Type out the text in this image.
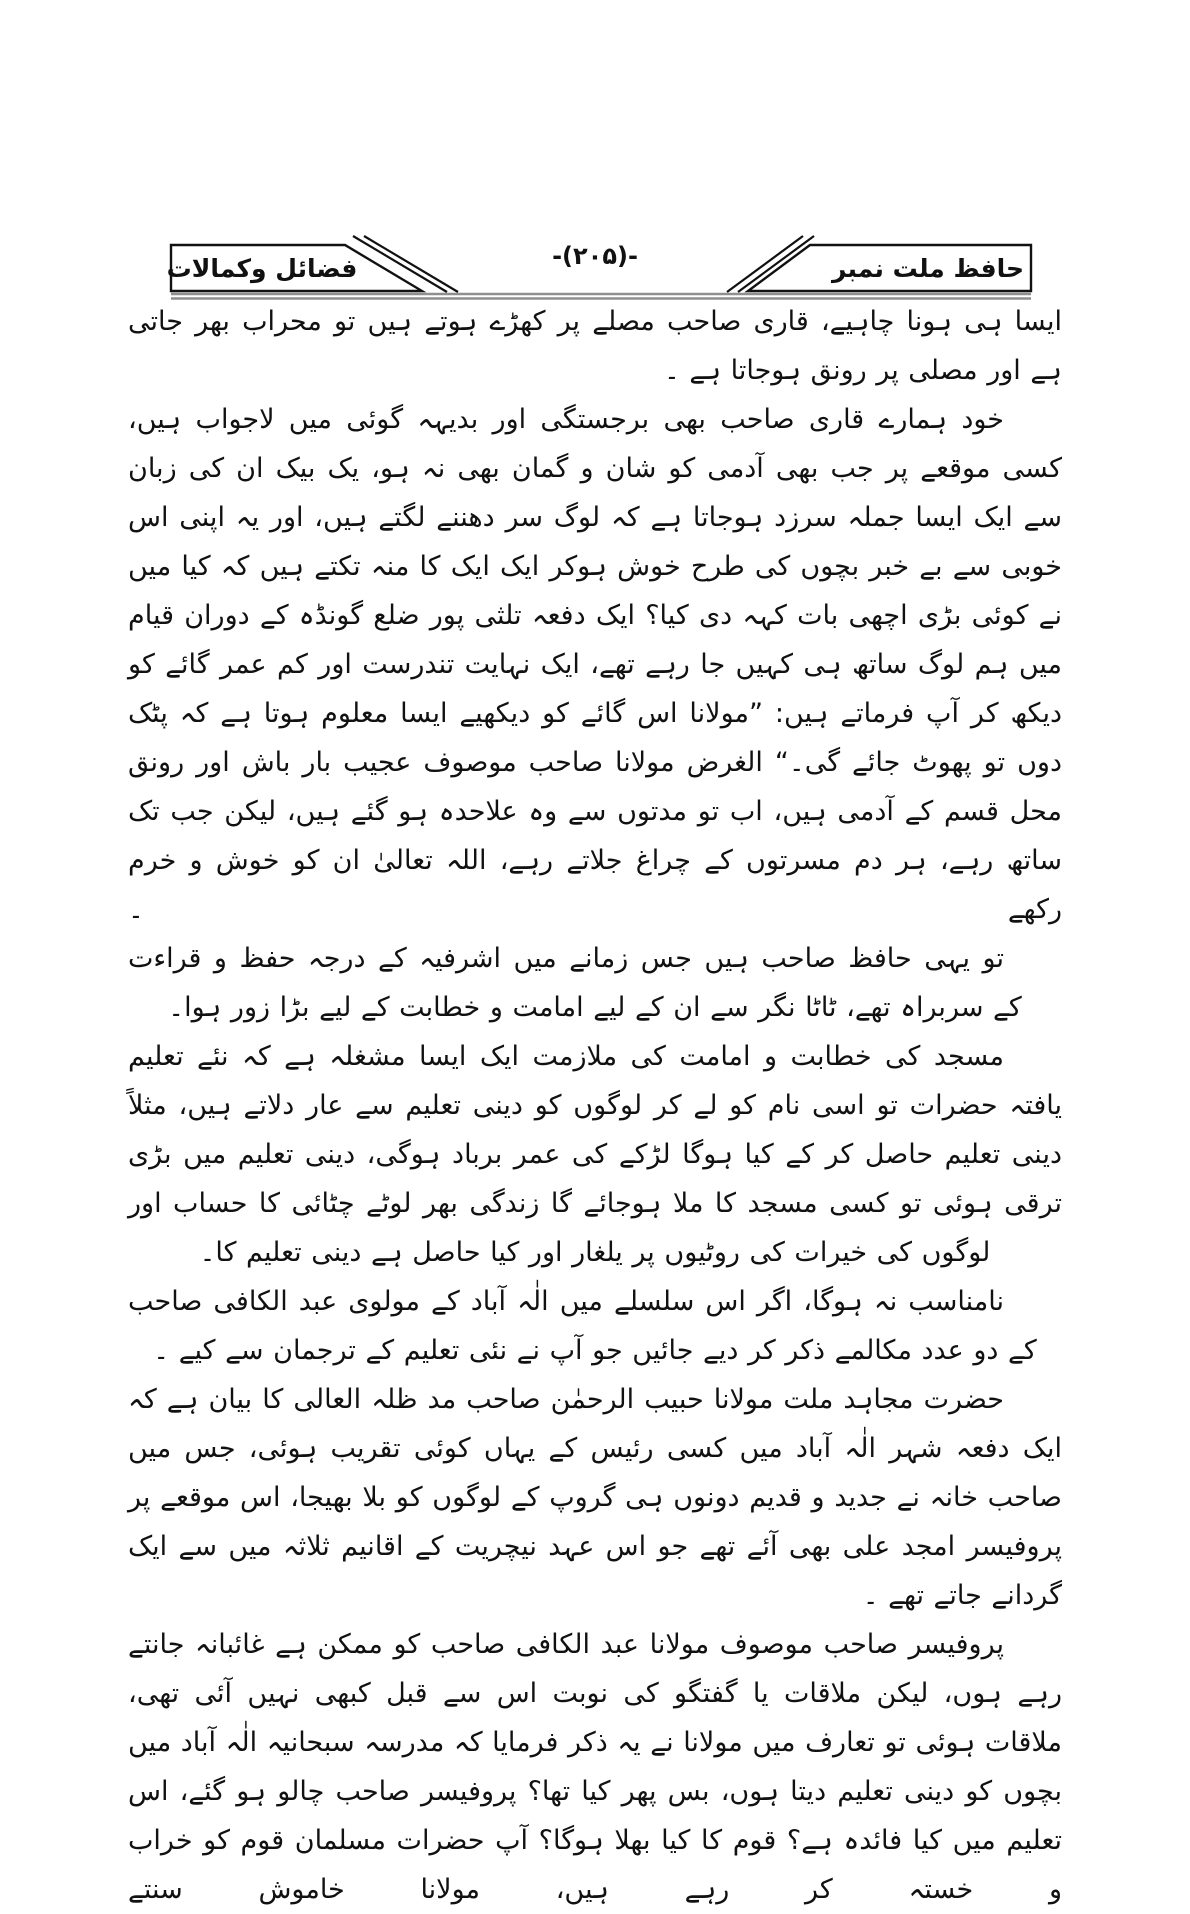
فضائل وکمالات	-(۲۰۵)-	حافظ ملت نمبر

ایسا ہی ہونا چاہیے، قاری صاحب مصلے پر کھڑے ہوتے ہیں تو محراب بھر جاتی ہے اور مصلی پر رونق ہوجاتا ہے ۔

خود ہمارے قاری صاحب بھی برجستگی اور بدیہہ گوئی میں لاجواب ہیں، کسی موقعے پر جب بھی آدمی کو شان و گمان بھی نہ ہو، یک بیک ان کی زبان سے ایک ایسا جملہ سرزد ہوجاتا ہے کہ لوگ سر دھننے لگتے ہیں، اور یہ اپنی اس خوبی سے بے خبر بچوں کی طرح خوش ہوکر ایک ایک کا منہ تکتے ہیں کہ کیا میں نے کوئی بڑی اچھی بات کہہ دی کیا؟ ایک دفعہ تلثی پور ضلع گونڈہ کے دوران قیام میں ہم لوگ ساتھ ہی کہیں جا رہے تھے، ایک نہایت تندرست اور کم عمر گائے کو دیکھ کر آپ فرماتے ہیں: ”مولانا اس گائے کو دیکھیے ایسا معلوم ہوتا ہے کہ پٹک دوں تو پھوٹ جائے گی۔“ الغرض مولانا صاحب موصوف عجیب بار باش اور رونق محل قسم کے آدمی ہیں، اب تو مدتوں سے وہ علاحدہ ہو گئے ہیں، لیکن جب تک ساتھ رہے، ہر دم مسرتوں کے چراغ جلاتے رہے، اللہ تعالیٰ ان کو خوش و خرم رکھے ۔

تو یہی حافظ صاحب ہیں جس زمانے میں اشرفیہ کے درجہ حفظ و قراءت کے سربراہ تھے، ٹاٹا نگر سے ان کے لیے امامت و خطابت کے لیے بڑا زور ہوا۔

مسجد کی خطابت و امامت کی ملازمت ایک ایسا مشغلہ ہے کہ نئے تعلیم یافتہ حضرات تو اسی نام کو لے کر لوگوں کو دینی تعلیم سے عار دلاتے ہیں، مثلاً دینی تعلیم حاصل کر کے کیا ہوگا لڑکے کی عمر برباد ہوگی، دینی تعلیم میں بڑی ترقی ہوئی تو کسی مسجد کا ملا ہوجائے گا زندگی بھر لوٹے چٹائی کا حساب اور لوگوں کی خیرات کی روٹیوں پر یلغار اور کیا حاصل ہے دینی تعلیم کا۔

نامناسب نہ ہوگا، اگر اس سلسلے میں الٰہ آباد کے مولوی عبد الکافی صاحب کے دو عدد مکالمے ذکر کر دیے جائیں جو آپ نے نئی تعلیم کے ترجمان سے کیے ۔

حضرت مجاہد ملت مولانا حبیب الرحمٰن صاحب مد ظلہ العالی کا بیان ہے کہ ایک دفعہ شہر الٰہ آباد میں کسی رئیس کے یہاں کوئی تقریب ہوئی، جس میں صاحب خانہ نے جدید و قدیم دونوں ہی گروپ کے لوگوں کو بلا بھیجا، اس موقعے پر پروفیسر امجد علی بھی آئے تھے جو اس عہد نیچریت کے اقانیم ثلاثہ میں سے ایک گردانے جاتے تھے ۔

پروفیسر صاحب موصوف مولانا عبد الکافی صاحب کو ممکن ہے غائبانہ جانتے رہے ہوں، لیکن ملاقات یا گفتگو کی نوبت اس سے قبل کبھی نہیں آئی تھی، ملاقات ہوئی تو تعارف میں مولانا نے یہ ذکر فرمایا کہ مدرسہ سبحانیہ الٰہ آباد میں بچوں کو دینی تعلیم دیتا ہوں، بس پھر کیا تھا؟ پروفیسر صاحب چالو ہو گئے، اس تعلیم میں کیا فائدہ ہے؟ قوم کا کیا بھلا ہوگا؟ آپ حضرات مسلمان قوم کو خراب و خستہ کر رہے ہیں، مولانا خاموش سنتے
